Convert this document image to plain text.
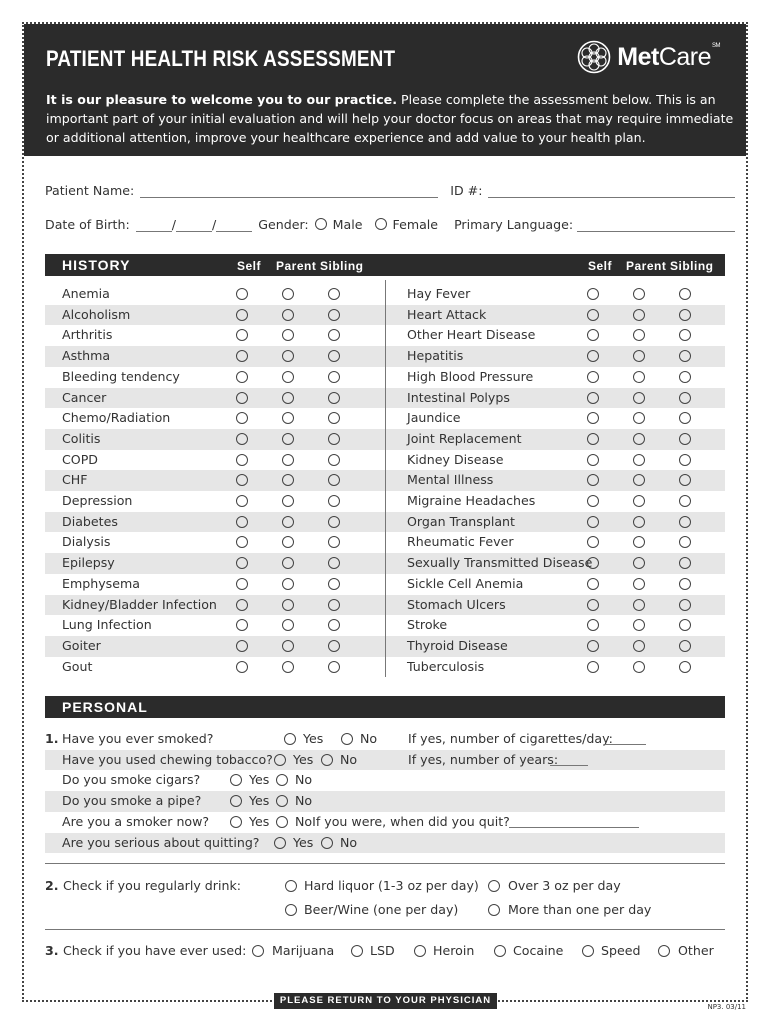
PATIENT HEALTH RISK ASSESSMENT	MetCare℠
It is our pleasure to welcome you to our practice. Please complete the assessment below. This is an important part of your initial evaluation and will help your doctor focus on areas that may require immediate or additional attention, improve your healthcare experience and add value to your health plan.
Patient Name:	ID #:
Date of Birth:	/	/	Gender: Male Female Primary Language:
HISTORY	Self Parent Sibling	Self Parent Sibling
Anemia	Hay Fever
Alcoholism	Heart Attack
Arthritis	Other Heart Disease
Asthma	Hepatitis
Bleeding tendency	High Blood Pressure
Cancer	Intestinal Polyps
Chemo/Radiation	Jaundice
Colitis	Joint Replacement
COPD	Kidney Disease
CHF	Mental Illness
Depression	Migraine Headaches
Diabetes	Organ Transplant
Dialysis	Rheumatic Fever
Epilepsy	Sexually Transmitted Disease
Emphysema	Sickle Cell Anemia
Kidney/Bladder Infection	Stomach Ulcers
Lung Infection	Stroke
Goiter	Thyroid Disease
Gout	Tuberculosis
PERSONAL
1. Have you ever smoked?	Yes	No If yes, number of cigarettes/day:
Have you used chewing tobacco? Yes No	If yes, number of years:
Do you smoke cigars?	Yes No
Do you smoke a pipe?	Yes No
Are you a smoker now?	Yes NoIf you were, when did you quit?
Are you serious about quitting?	Yes No
2. Check if you regularly drink:	Hard liquor (1-3 oz per day) Over 3 oz per day
Beer/Wine (one per day)	More than one per day
3. Check if you have ever used: Marijuana	LSD	Heroin	Cocaine	Speed	Other
PLEASE RETURN TO YOUR PHYSICIAN
NP3. 03/11
